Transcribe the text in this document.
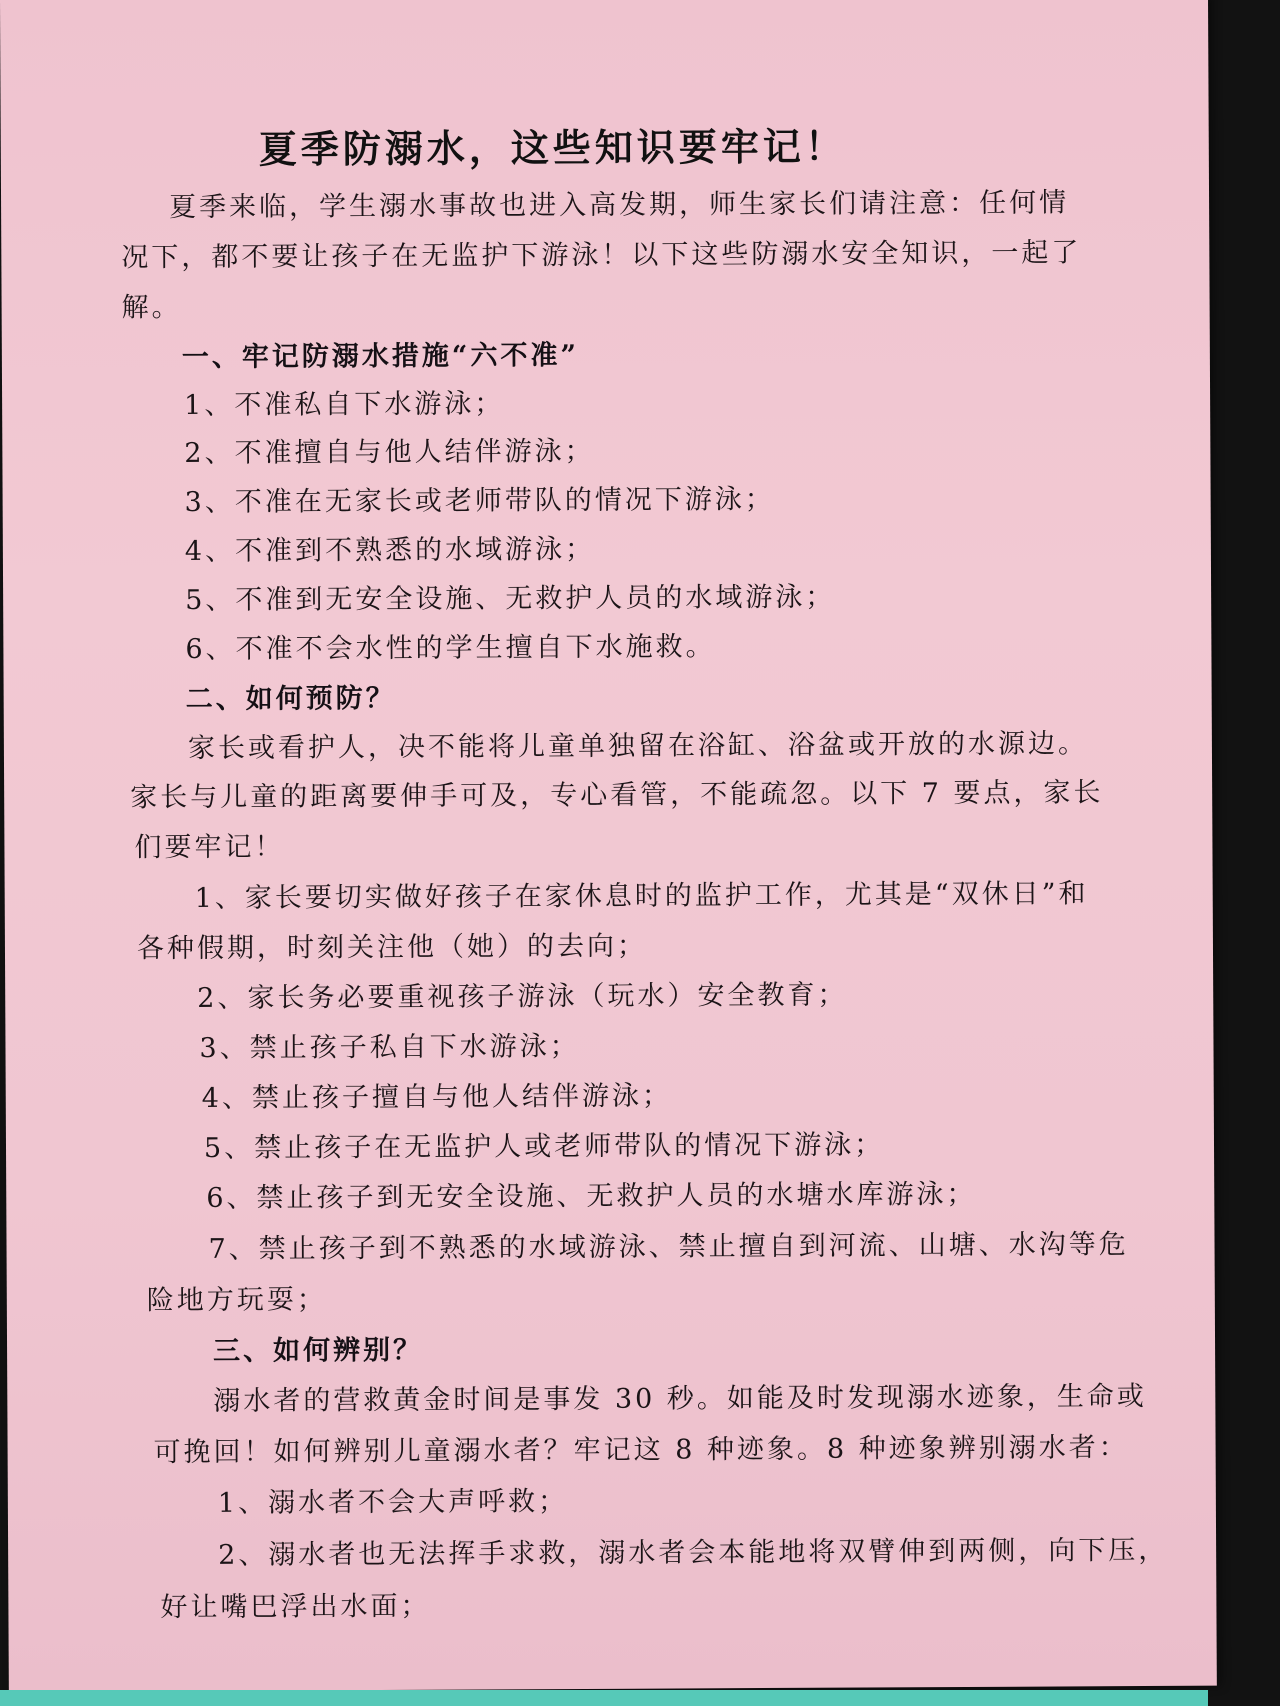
夏季防溺水，这些知识要牢记！
夏季来临，学生溺水事故也进入高发期，师生家长们请注意：任何情
况下，都不要让孩子在无监护下游泳！以下这些防溺水安全知识，一起了
解。
一、牢记防溺水措施“六不准”
1、不准私自下水游泳；
2、不准擅自与他人结伴游泳；
3、不准在无家长或老师带队的情况下游泳；
4、不准到不熟悉的水域游泳；
5、不准到无安全设施、无救护人员的水域游泳；
6、不准不会水性的学生擅自下水施救。
二、如何预防？
家长或看护人，决不能将儿童单独留在浴缸、浴盆或开放的水源边。
家长与儿童的距离要伸手可及，专心看管，不能疏忽。以下 7 要点，家长
们要牢记！
1、家长要切实做好孩子在家休息时的监护工作，尤其是“双休日”和
各种假期，时刻关注他（她）的去向；
2、家长务必要重视孩子游泳（玩水）安全教育；
3、禁止孩子私自下水游泳；
4、禁止孩子擅自与他人结伴游泳；
5、禁止孩子在无监护人或老师带队的情况下游泳；
6、禁止孩子到无安全设施、无救护人员的水塘水库游泳；
7、禁止孩子到不熟悉的水域游泳、禁止擅自到河流、山塘、水沟等危
险地方玩耍；
三、如何辨别？
溺水者的营救黄金时间是事发 30 秒。如能及时发现溺水迹象，生命或
可挽回！如何辨别儿童溺水者？牢记这 8 种迹象。8 种迹象辨别溺水者：
1、溺水者不会大声呼救；
2、溺水者也无法挥手求救，溺水者会本能地将双臂伸到两侧，向下压，
好让嘴巴浮出水面；
